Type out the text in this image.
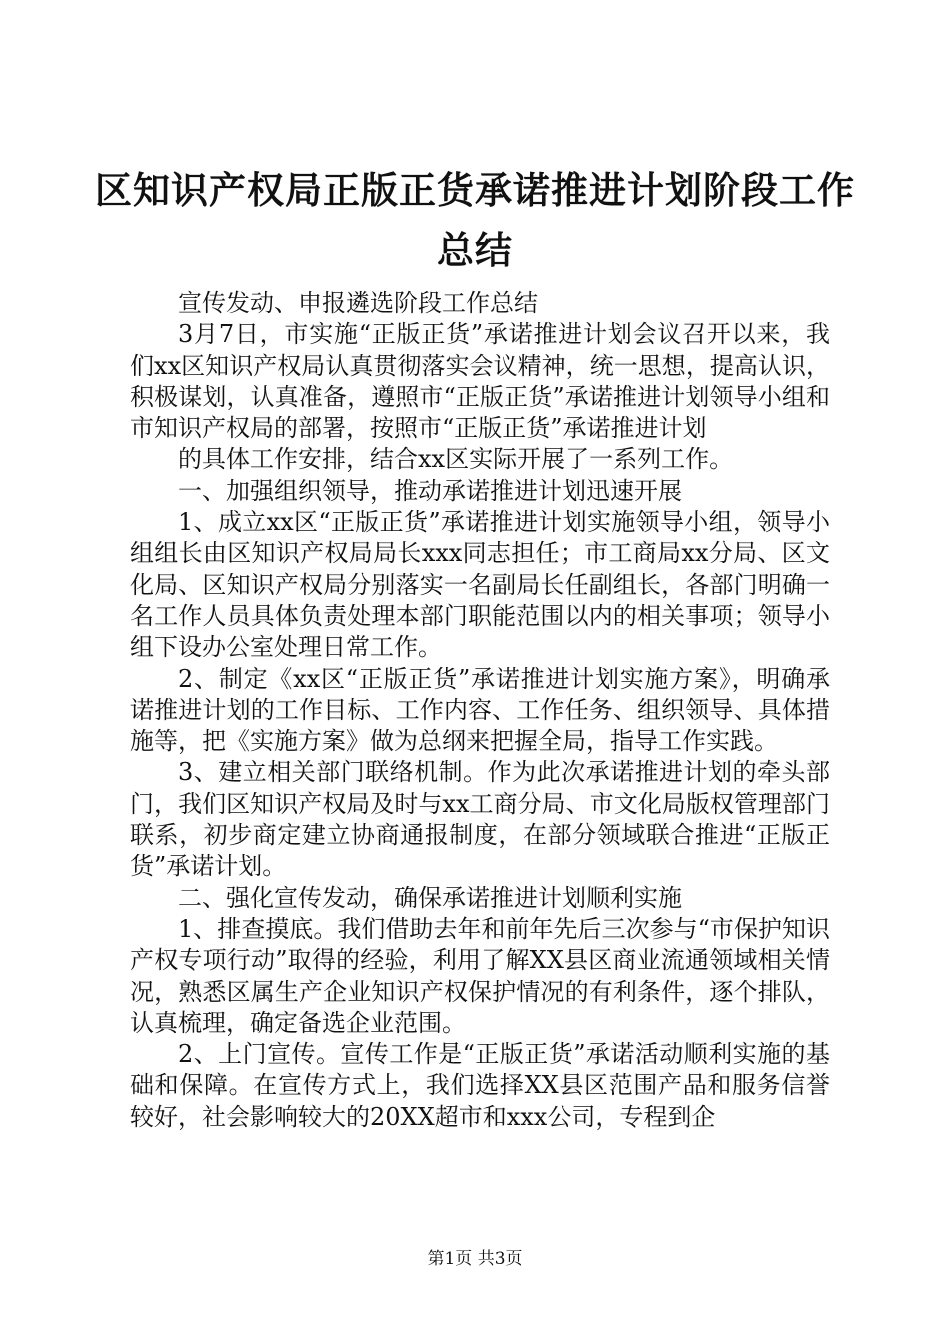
区知识产权局正版正货承诺推进计划阶段工作
总结

宣传发动、申报遴选阶段工作总结

3月7日，市实施“正版正货”承诺推进计划会议召开以来，我们xx区知识产权局认真贯彻落实会议精神，统一思想，提高认识，积极谋划，认真准备，遵照市“正版正货”承诺推进计划领导小组和市知识产权局的部署，按照市“正版正货”承诺推进计划

的具体工作安排，结合xx区实际开展了一系列工作。

一、加强组织领导，推动承诺推进计划迅速开展

1、成立xx区“正版正货”承诺推进计划实施领导小组，领导小组组长由区知识产权局局长xxx同志担任；市工商局xx分局、区文化局、区知识产权局分别落实一名副局长任副组长，各部门明确一名工作人员具体负责处理本部门职能范围以内的相关事项；领导小组下设办公室处理日常工作。

2、制定《xx区“正版正货”承诺推进计划实施方案》，明确承诺推进计划的工作目标、工作内容、工作任务、组织领导、具体措施等，把《实施方案》做为总纲来把握全局，指导工作实践。

3、建立相关部门联络机制。作为此次承诺推进计划的牵头部门，我们区知识产权局及时与xx工商分局、市文化局版权管理部门联系，初步商定建立协商通报制度，在部分领域联合推进“正版正货”承诺计划。

二、强化宣传发动，确保承诺推进计划顺利实施

1、排查摸底。我们借助去年和前年先后三次参与“市保护知识产权专项行动”取得的经验，利用了解XX县区商业流通领域相关情况，熟悉区属生产企业知识产权保护情况的有利条件，逐个排队，认真梳理，确定备选企业范围。

2、上门宣传。宣传工作是“正版正货”承诺活动顺利实施的基础和保障。在宣传方式上，我们选择XX县区范围产品和服务信誉较好，社会影响较大的20XX超市和xxx公司，专程到企

第1页 共3页
